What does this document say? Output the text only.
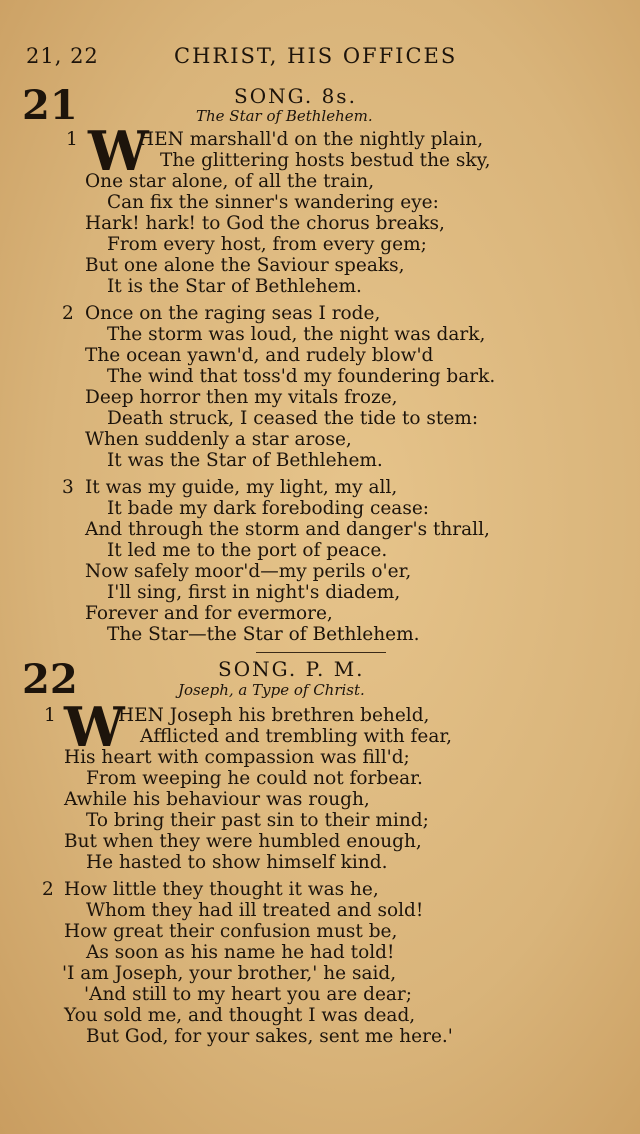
21, 22	CHRIST, HIS OFFICES
21	SONG. 8s.
The Star of Bethlehem.
1 W
HEN marshall'd on the nightly plain,
The glittering hosts bestud the sky,
One star alone, of all the train,
Can fix the sinner's wandering eye:
Hark! hark! to God the chorus breaks,
From every host, from every gem;
But one alone the Saviour speaks,
It is the Star of Bethlehem.
2 Once on the raging seas I rode,
The storm was loud, the night was dark,
The ocean yawn'd, and rudely blow'd
The wind that toss'd my foundering bark.
Deep horror then my vitals froze,
Death struck, I ceased the tide to stem:
When suddenly a star arose,
It was the Star of Bethlehem.
3 It was my guide, my light, my all,
It bade my dark foreboding cease:
And through the storm and danger's thrall,
It led me to the port of peace.
Now safely moor'd—my perils o'er,
I'll sing, first in night's diadem,
Forever and for evermore,
The Star—the Star of Bethlehem.
22	SONG. P. M.
Joseph, a Type of Christ.
1 W
HEN Joseph his brethren beheld,
Afflicted and trembling with fear,
His heart with compassion was fill'd;
From weeping he could not forbear.
Awhile his behaviour was rough,
To bring their past sin to their mind;
But when they were humbled enough,
He hasted to show himself kind.
2 How little they thought it was he,
Whom they had ill treated and sold!
How great their confusion must be,
As soon as his name he had told!
'I am Joseph, your brother,' he said,
'And still to my heart you are dear;
You sold me, and thought I was dead,
But God, for your sakes, sent me here.'
